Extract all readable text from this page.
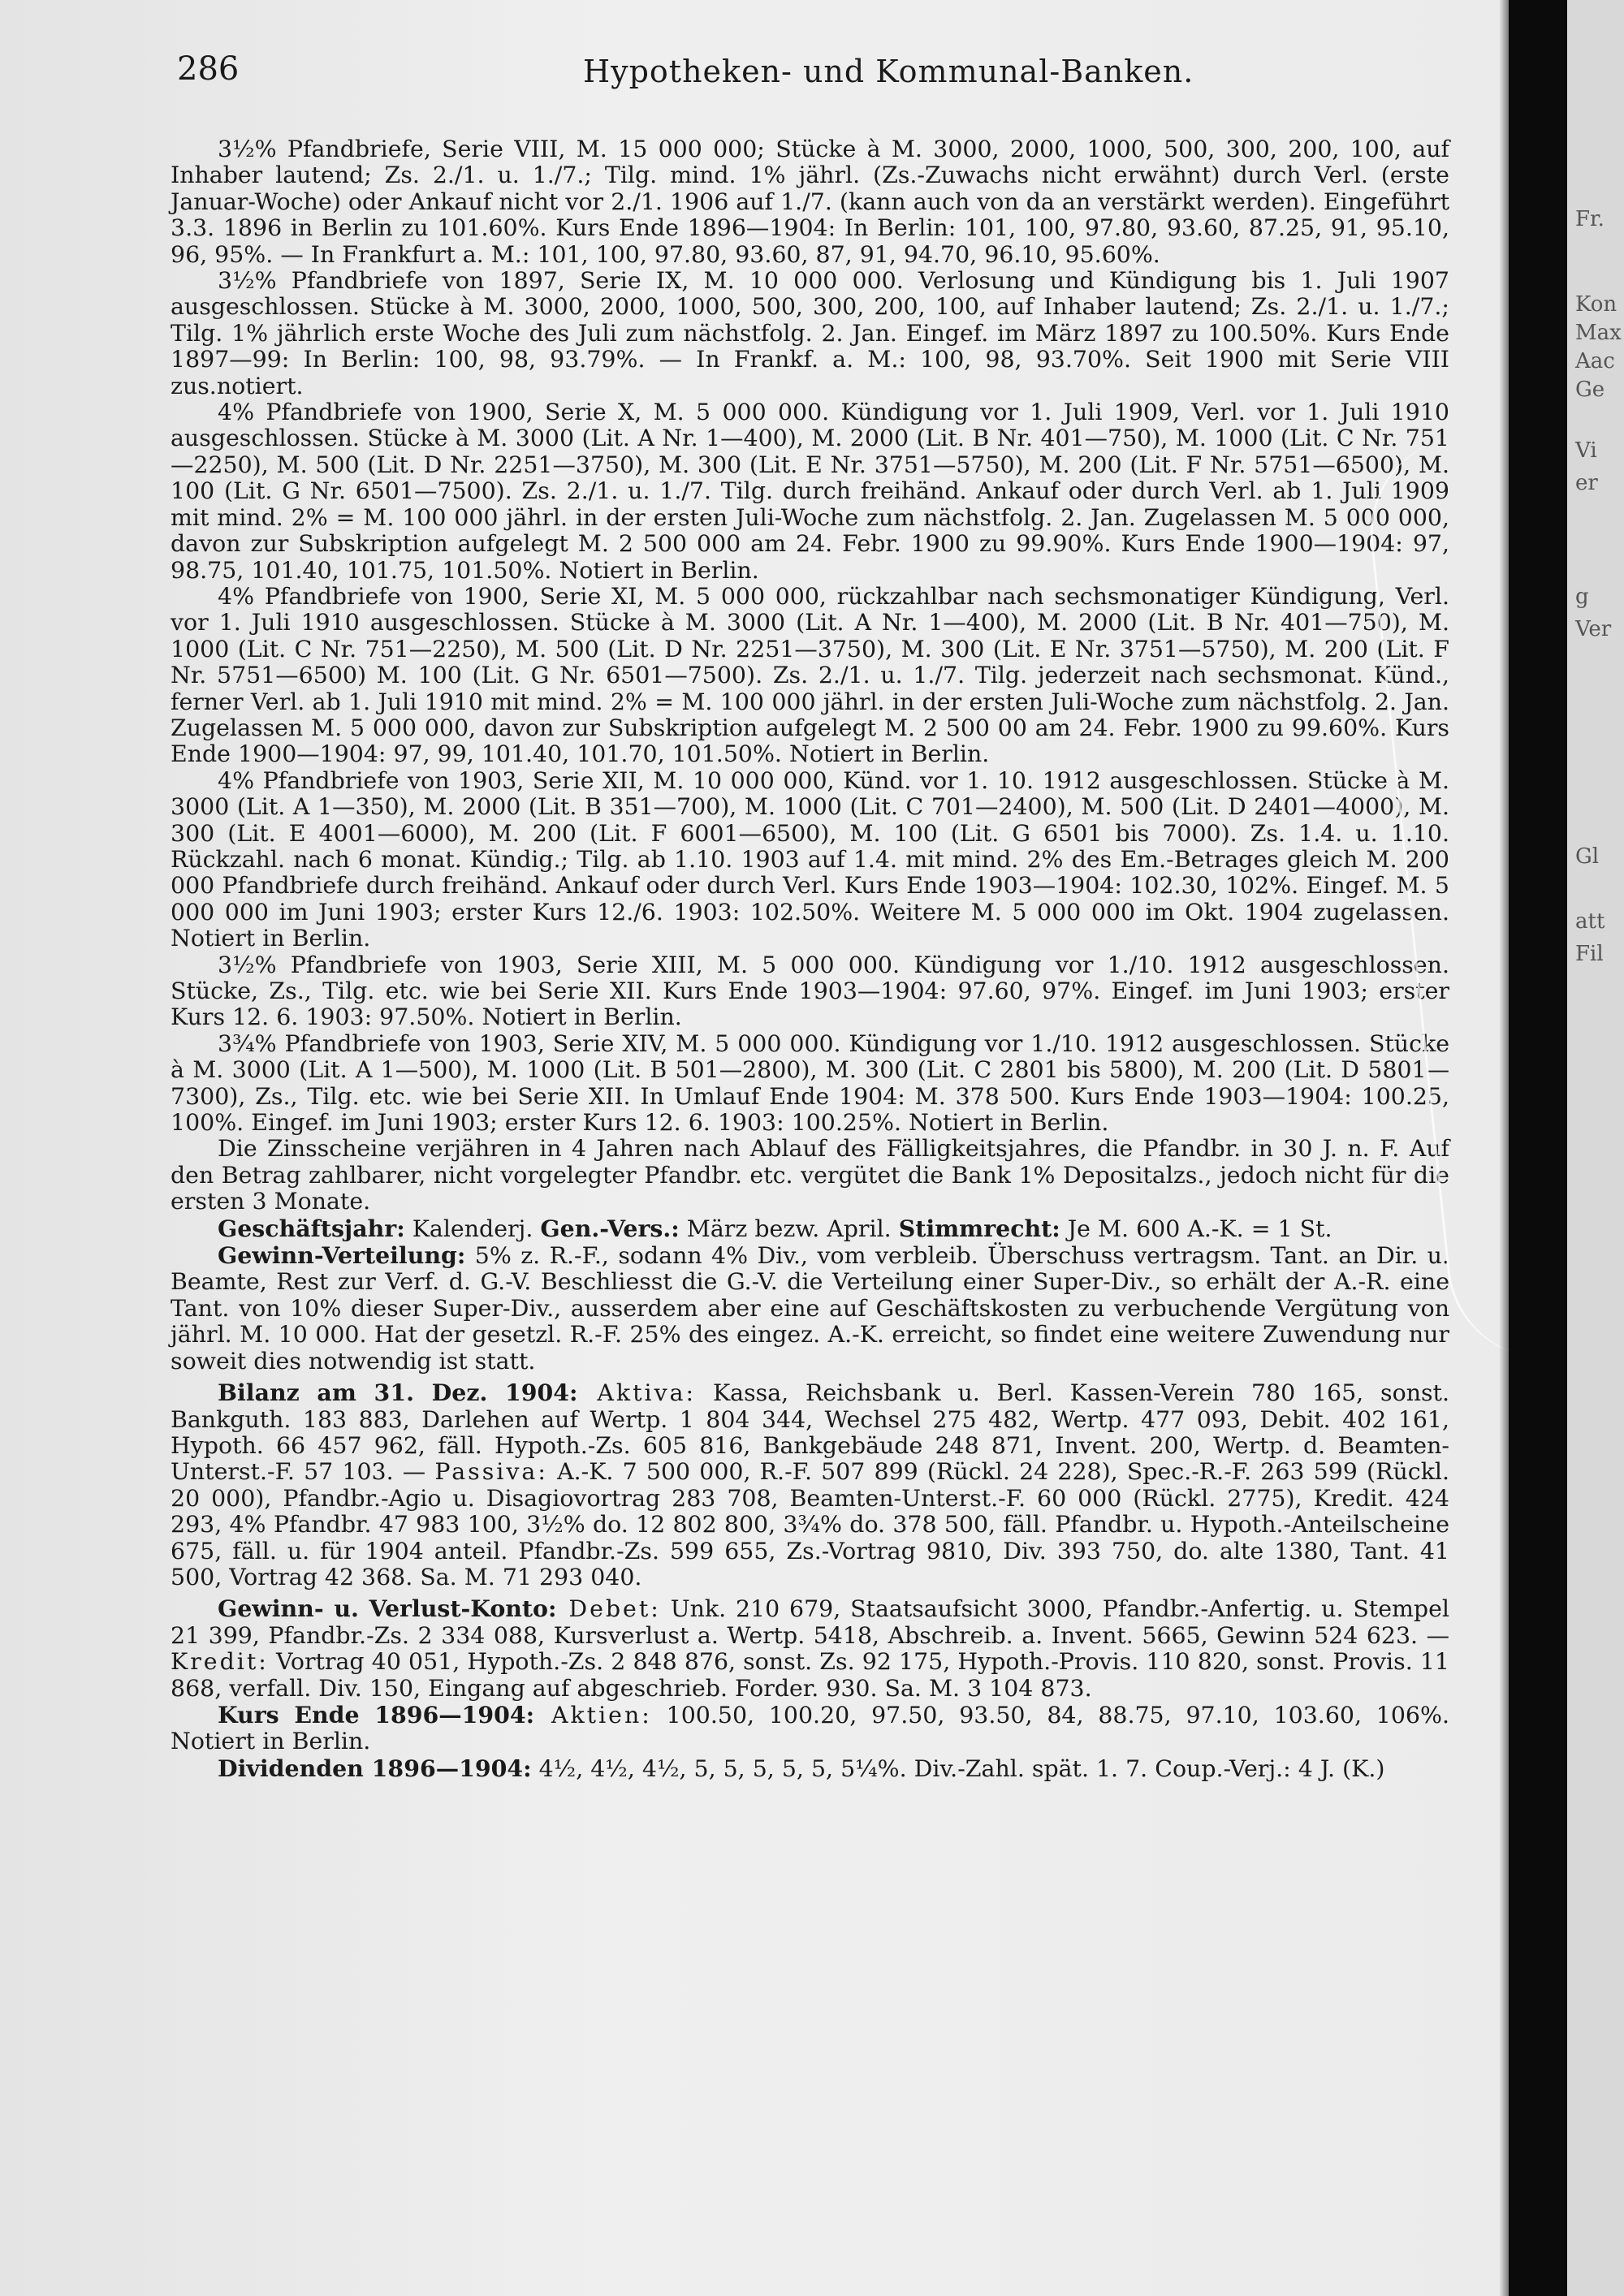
286	Hypotheken- und Kommunal-Banken.

3½% Pfandbriefe, Serie VIII, M. 15 000 000; Stücke à M. 3000, 2000, 1000, 500, 300, 200, 100, auf Inhaber lautend; Zs. 2./1. u. 1./7.; Tilg. mind. 1% jährl. (Zs.-Zuwachs nicht erwähnt) durch Verl. (erste Januar-Woche) oder Ankauf nicht vor 2./1. 1906 auf 1./7. (kann auch von da an verstärkt werden). Eingeführt 3.3. 1896 in Berlin zu 101.60%. Kurs Ende 1896—1904: In Berlin: 101, 100, 97.80, 93.60, 87.25, 91, 95.10, 96, 95%. — In Frankfurt a. M.: 101, 100, 97.80, 93.60, 87, 91, 94.70, 96.10, 95.60%.

3½% Pfandbriefe von 1897, Serie IX, M. 10 000 000. Verlosung und Kündigung bis 1. Juli 1907 ausgeschlossen. Stücke à M. 3000, 2000, 1000, 500, 300, 200, 100, auf Inhaber lautend; Zs. 2./1. u. 1./7.; Tilg. 1% jährlich erste Woche des Juli zum nächstfolg. 2. Jan. Eingef. im März 1897 zu 100.50%. Kurs Ende 1897—99: In Berlin: 100, 98, 93.79%. — In Frankf. a. M.: 100, 98, 93.70%. Seit 1900 mit Serie VIII zus.notiert.

4% Pfandbriefe von 1900, Serie X, M. 5 000 000. Kündigung vor 1. Juli 1909, Verl. vor 1. Juli 1910 ausgeschlossen. Stücke à M. 3000 (Lit. A Nr. 1—400), M. 2000 (Lit. B Nr. 401—750), M. 1000 (Lit. C Nr. 751—2250), M. 500 (Lit. D Nr. 2251—3750), M. 300 (Lit. E Nr. 3751—5750), M. 200 (Lit. F Nr. 5751—6500), M. 100 (Lit. G Nr. 6501—7500). Zs. 2./1. u. 1./7. Tilg. durch freihänd. Ankauf oder durch Verl. ab 1. Juli 1909 mit mind. 2% = M. 100 000 jährl. in der ersten Juli-Woche zum nächstfolg. 2. Jan. Zugelassen M. 5 000 000, davon zur Subskription aufgelegt M. 2 500 000 am 24. Febr. 1900 zu 99.90%. Kurs Ende 1900—1904: 97, 98.75, 101.40, 101.75, 101.50%. Notiert in Berlin.

4% Pfandbriefe von 1900, Serie XI, M. 5 000 000, rückzahlbar nach sechsmonatiger Kündigung, Verl. vor 1. Juli 1910 ausgeschlossen. Stücke à M. 3000 (Lit. A Nr. 1—400), M. 2000 (Lit. B Nr. 401—750), M. 1000 (Lit. C Nr. 751—2250), M. 500 (Lit. D Nr. 2251—3750), M. 300 (Lit. E Nr. 3751—5750), M. 200 (Lit. F Nr. 5751—6500) M. 100 (Lit. G Nr. 6501—7500). Zs. 2./1. u. 1./7. Tilg. jederzeit nach sechsmonat. Künd., ferner Verl. ab 1. Juli 1910 mit mind. 2% = M. 100 000 jährl. in der ersten Juli-Woche zum nächstfolg. 2. Jan. Zugelassen M. 5 000 000, davon zur Subskription aufgelegt M. 2 500 00 am 24. Febr. 1900 zu 99.60%. Kurs Ende 1900—1904: 97, 99, 101.40, 101.70, 101.50%. Notiert in Berlin.

4% Pfandbriefe von 1903, Serie XII, M. 10 000 000, Künd. vor 1. 10. 1912 ausgeschlossen. Stücke à M. 3000 (Lit. A 1—350), M. 2000 (Lit. B 351—700), M. 1000 (Lit. C 701—2400), M. 500 (Lit. D 2401—4000), M. 300 (Lit. E 4001—6000), M. 200 (Lit. F 6001—6500), M. 100 (Lit. G 6501 bis 7000). Zs. 1.4. u. 1.10. Rückzahl. nach 6 monat. Kündig.; Tilg. ab 1.10. 1903 auf 1.4. mit mind. 2% des Em.-Betrages gleich M. 200 000 Pfandbriefe durch freihänd. Ankauf oder durch Verl. Kurs Ende 1903—1904: 102.30, 102%. Eingef. M. 5 000 000 im Juni 1903; erster Kurs 12./6. 1903: 102.50%. Weitere M. 5 000 000 im Okt. 1904 zugelassen. Notiert in Berlin.

3½% Pfandbriefe von 1903, Serie XIII, M. 5 000 000. Kündigung vor 1./10. 1912 ausgeschlossen. Stücke, Zs., Tilg. etc. wie bei Serie XII. Kurs Ende 1903—1904: 97.60, 97%. Eingef. im Juni 1903; erster Kurs 12. 6. 1903: 97.50%. Notiert in Berlin.

3¾% Pfandbriefe von 1903, Serie XIV, M. 5 000 000. Kündigung vor 1./10. 1912 ausgeschlossen. Stücke à M. 3000 (Lit. A 1—500), M. 1000 (Lit. B 501—2800), M. 300 (Lit. C 2801 bis 5800), M. 200 (Lit. D 5801—7300), Zs., Tilg. etc. wie bei Serie XII. In Umlauf Ende 1904: M. 378 500. Kurs Ende 1903—1904: 100.25, 100%. Eingef. im Juni 1903; erster Kurs 12. 6. 1903: 100.25%. Notiert in Berlin.

Die Zinsscheine verjähren in 4 Jahren nach Ablauf des Fälligkeitsjahres, die Pfandbr. in 30 J. n. F. Auf den Betrag zahlbarer, nicht vorgelegter Pfandbr. etc. vergütet die Bank 1% Depositalzs., jedoch nicht für die ersten 3 Monate.

Geschäftsjahr: Kalenderj. Gen.-Vers.: März bezw. April. Stimmrecht: Je M. 600 A.-K. = 1 St.

Gewinn-Verteilung: 5% z. R.-F., sodann 4% Div., vom verbleib. Überschuss vertragsm. Tant. an Dir. u. Beamte, Rest zur Verf. d. G.-V. Beschliesst die G.-V. die Verteilung einer Super-Div., so erhält der A.-R. eine Tant. von 10% dieser Super-Div., ausserdem aber eine auf Geschäftskosten zu verbuchende Vergütung von jährl. M. 10 000. Hat der gesetzl. R.-F. 25% des eingez. A.-K. erreicht, so findet eine weitere Zuwendung nur soweit dies notwendig ist statt.

Bilanz am 31. Dez. 1904: Aktiva: Kassa, Reichsbank u. Berl. Kassen-Verein 780 165, sonst. Bankguth. 183 883, Darlehen auf Wertp. 1 804 344, Wechsel 275 482, Wertp. 477 093, Debit. 402 161, Hypoth. 66 457 962, fäll. Hypoth.-Zs. 605 816, Bankgebäude 248 871, Invent. 200, Wertp. d. Beamten-Unterst.-F. 57 103. — Passiva: A.-K. 7 500 000, R.-F. 507 899 (Rückl. 24 228), Spec.-R.-F. 263 599 (Rückl. 20 000), Pfandbr.-Agio u. Disagiovortrag 283 708, Beamten-Unterst.-F. 60 000 (Rückl. 2775), Kredit. 424 293, 4% Pfandbr. 47 983 100, 3½% do. 12 802 800, 3¾% do. 378 500, fäll. Pfandbr. u. Hypoth.-Anteilscheine 675, fäll. u. für 1904 anteil. Pfandbr.-Zs. 599 655, Zs.-Vortrag 9810, Div. 393 750, do. alte 1380, Tant. 41 500, Vortrag 42 368. Sa. M. 71 293 040.

Gewinn- u. Verlust-Konto: Debet: Unk. 210 679, Staatsaufsicht 3000, Pfandbr.-Anfertig. u. Stempel 21 399, Pfandbr.-Zs. 2 334 088, Kursverlust a. Wertp. 5418, Abschreib. a. Invent. 5665, Gewinn 524 623. — Kredit: Vortrag 40 051, Hypoth.-Zs. 2 848 876, sonst. Zs. 92 175, Hypoth.-Provis. 110 820, sonst. Provis. 11 868, verfall. Div. 150, Eingang auf abgeschrieb. Forder. 930. Sa. M. 3 104 873.

Kurs Ende 1896—1904: Aktien: 100.50, 100.20, 97.50, 93.50, 84, 88.75, 97.10, 103.60, 106%. Notiert in Berlin.

Dividenden 1896—1904: 4½, 4½, 4½, 5, 5, 5, 5, 5, 5¼%. Div.-Zahl. spät. 1. 7. Coup.-Verj.: 4 J. (K.)

Fr.
Kon
Max
Aac
Ge
Vi
er
g
Ver
Gl
att
Fil
